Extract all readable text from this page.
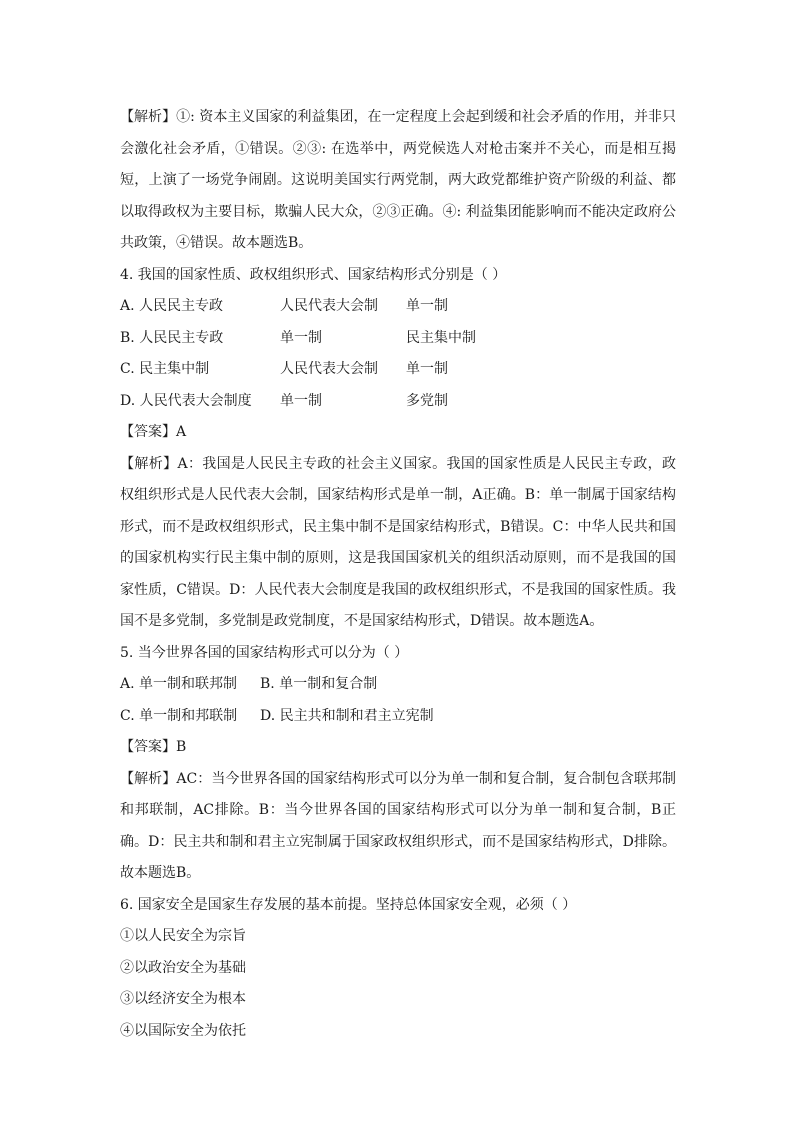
【解析】①: 资本主义国家的利益集团，在一定程度上会起到缓和社会矛盾的作用，并非只会激化社会矛盾，①错误。②③: 在选举中，两党候选人对枪击案并不关心，而是相互揭短，上演了一场党争闹剧。这说明美国实行两党制，两大政党都维护资产阶级的利益、都以取得政权为主要目标，欺骗人民大众，②③正确。④: 利益集团能影响而不能决定政府公共政策，④错误。故本题选B。

4. 我国的国家性质、政权组织形式、国家结构形式分别是（ ）

A. 人民民主专政	人民代表大会制 单一制

B. 人民民主专政	单一制	民主集中制

C. 民主集中制	人民代表大会制 单一制

D. 人民代表大会制度 单一制	多党制

【答案】A

【解析】A：我国是人民民主专政的社会主义国家。我国的国家性质是人民民主专政，政权组织形式是人民代表大会制，国家结构形式是单一制，A正确。B：单一制属于国家结构形式，而不是政权组织形式，民主集中制不是国家结构形式，B错误。C：中华人民共和国的国家机构实行民主集中制的原则，这是我国国家机关的组织活动原则，而不是我国的国家性质，C错误。D：人民代表大会制度是我国的政权组织形式，不是我国的国家性质。我国不是多党制，多党制是政党制度，不是国家结构形式，D错误。故本题选A。

5. 当今世界各国的国家结构形式可以分为（ ）

A. 单一制和联邦制 B. 单一制和复合制

C. 单一制和邦联制 D. 民主共和制和君主立宪制

【答案】B

【解析】AC：当今世界各国的国家结构形式可以分为单一制和复合制，复合制包含联邦制和邦联制，AC排除。B：当今世界各国的国家结构形式可以分为单一制和复合制，B正确。D：民主共和制和君主立宪制属于国家政权组织形式，而不是国家结构形式，D排除。故本题选B。

6. 国家安全是国家生存发展的基本前提。坚持总体国家安全观，必须（ ）

①以人民安全为宗旨

②以政治安全为基础

③以经济安全为根本

④以国际安全为依托
